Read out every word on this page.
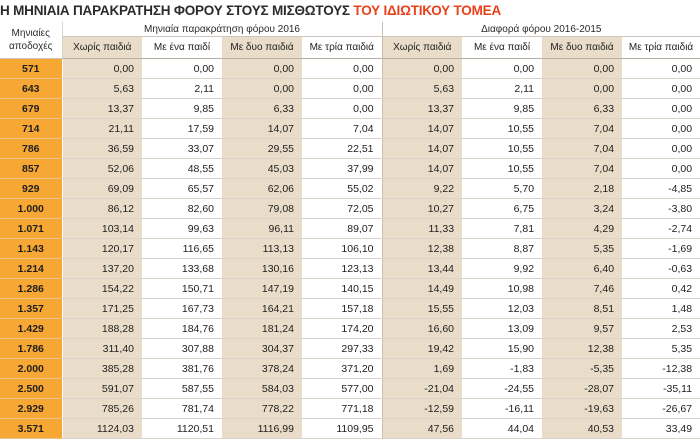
Η ΜΗΝΙΑΙΑ ΠΑΡΑΚΡΑΤΗΣΗ ΦΟΡΟΥ ΣΤΟΥΣ ΜΙΣΘΩΤΟΥΣ ΤΟΥ ΙΔΙΩΤΙΚΟΥ ΤΟΜΕΑ
Μηνιαίες αποδοχές	Μηνιαία παρακράτηση φόρου 2016				Διαφορά φόρου 2016-2015			
	Χωρίς παιδιά	Με ένα παιδί	Με δυο παιδιά	Με τρία παιδιά	Χωρίς παιδιά	Με ένα παιδί	Με δυο παιδιά	Με τρία παιδιά
571	0,00	0,00	0,00	0,00	0,00	0,00	0,00	0,00
643	5,63	2,11	0,00	0,00	5,63	2,11	0,00	0,00
679	13,37	9,85	6,33	0,00	13,37	9,85	6,33	0,00
714	21,11	17,59	14,07	7,04	14,07	10,55	7,04	0,00
786	36,59	33,07	29,55	22,51	14,07	10,55	7,04	0,00
857	52,06	48,55	45,03	37,99	14,07	10,55	7,04	0,00
929	69,09	65,57	62,06	55,02	9,22	5,70	2,18	-4,85
1.000	86,12	82,60	79,08	72,05	10,27	6,75	3,24	-3,80
1.071	103,14	99,63	96,11	89,07	11,33	7,81	4,29	-2,74
1.143	120,17	116,65	113,13	106,10	12,38	8,87	5,35	-1,69
1.214	137,20	133,68	130,16	123,13	13,44	9,92	6,40	-0,63
1.286	154,22	150,71	147,19	140,15	14,49	10,98	7,46	0,42
1.357	171,25	167,73	164,21	157,18	15,55	12,03	8,51	1,48
1.429	188,28	184,76	181,24	174,20	16,60	13,09	9,57	2,53
1.786	311,40	307,88	304,37	297,33	19,42	15,90	12,38	5,35
2.000	385,28	381,76	378,24	371,20	1,69	-1,83	-5,35	-12,38
2.500	591,07	587,55	584,03	577,00	-21,04	-24,55	-28,07	-35,11
2.929	785,26	781,74	778,22	771,18	-12,59	-16,11	-19,63	-26,67
3.571	1124,03	1120,51	1116,99	1109,95	47,56	44,04	40,53	33,49
